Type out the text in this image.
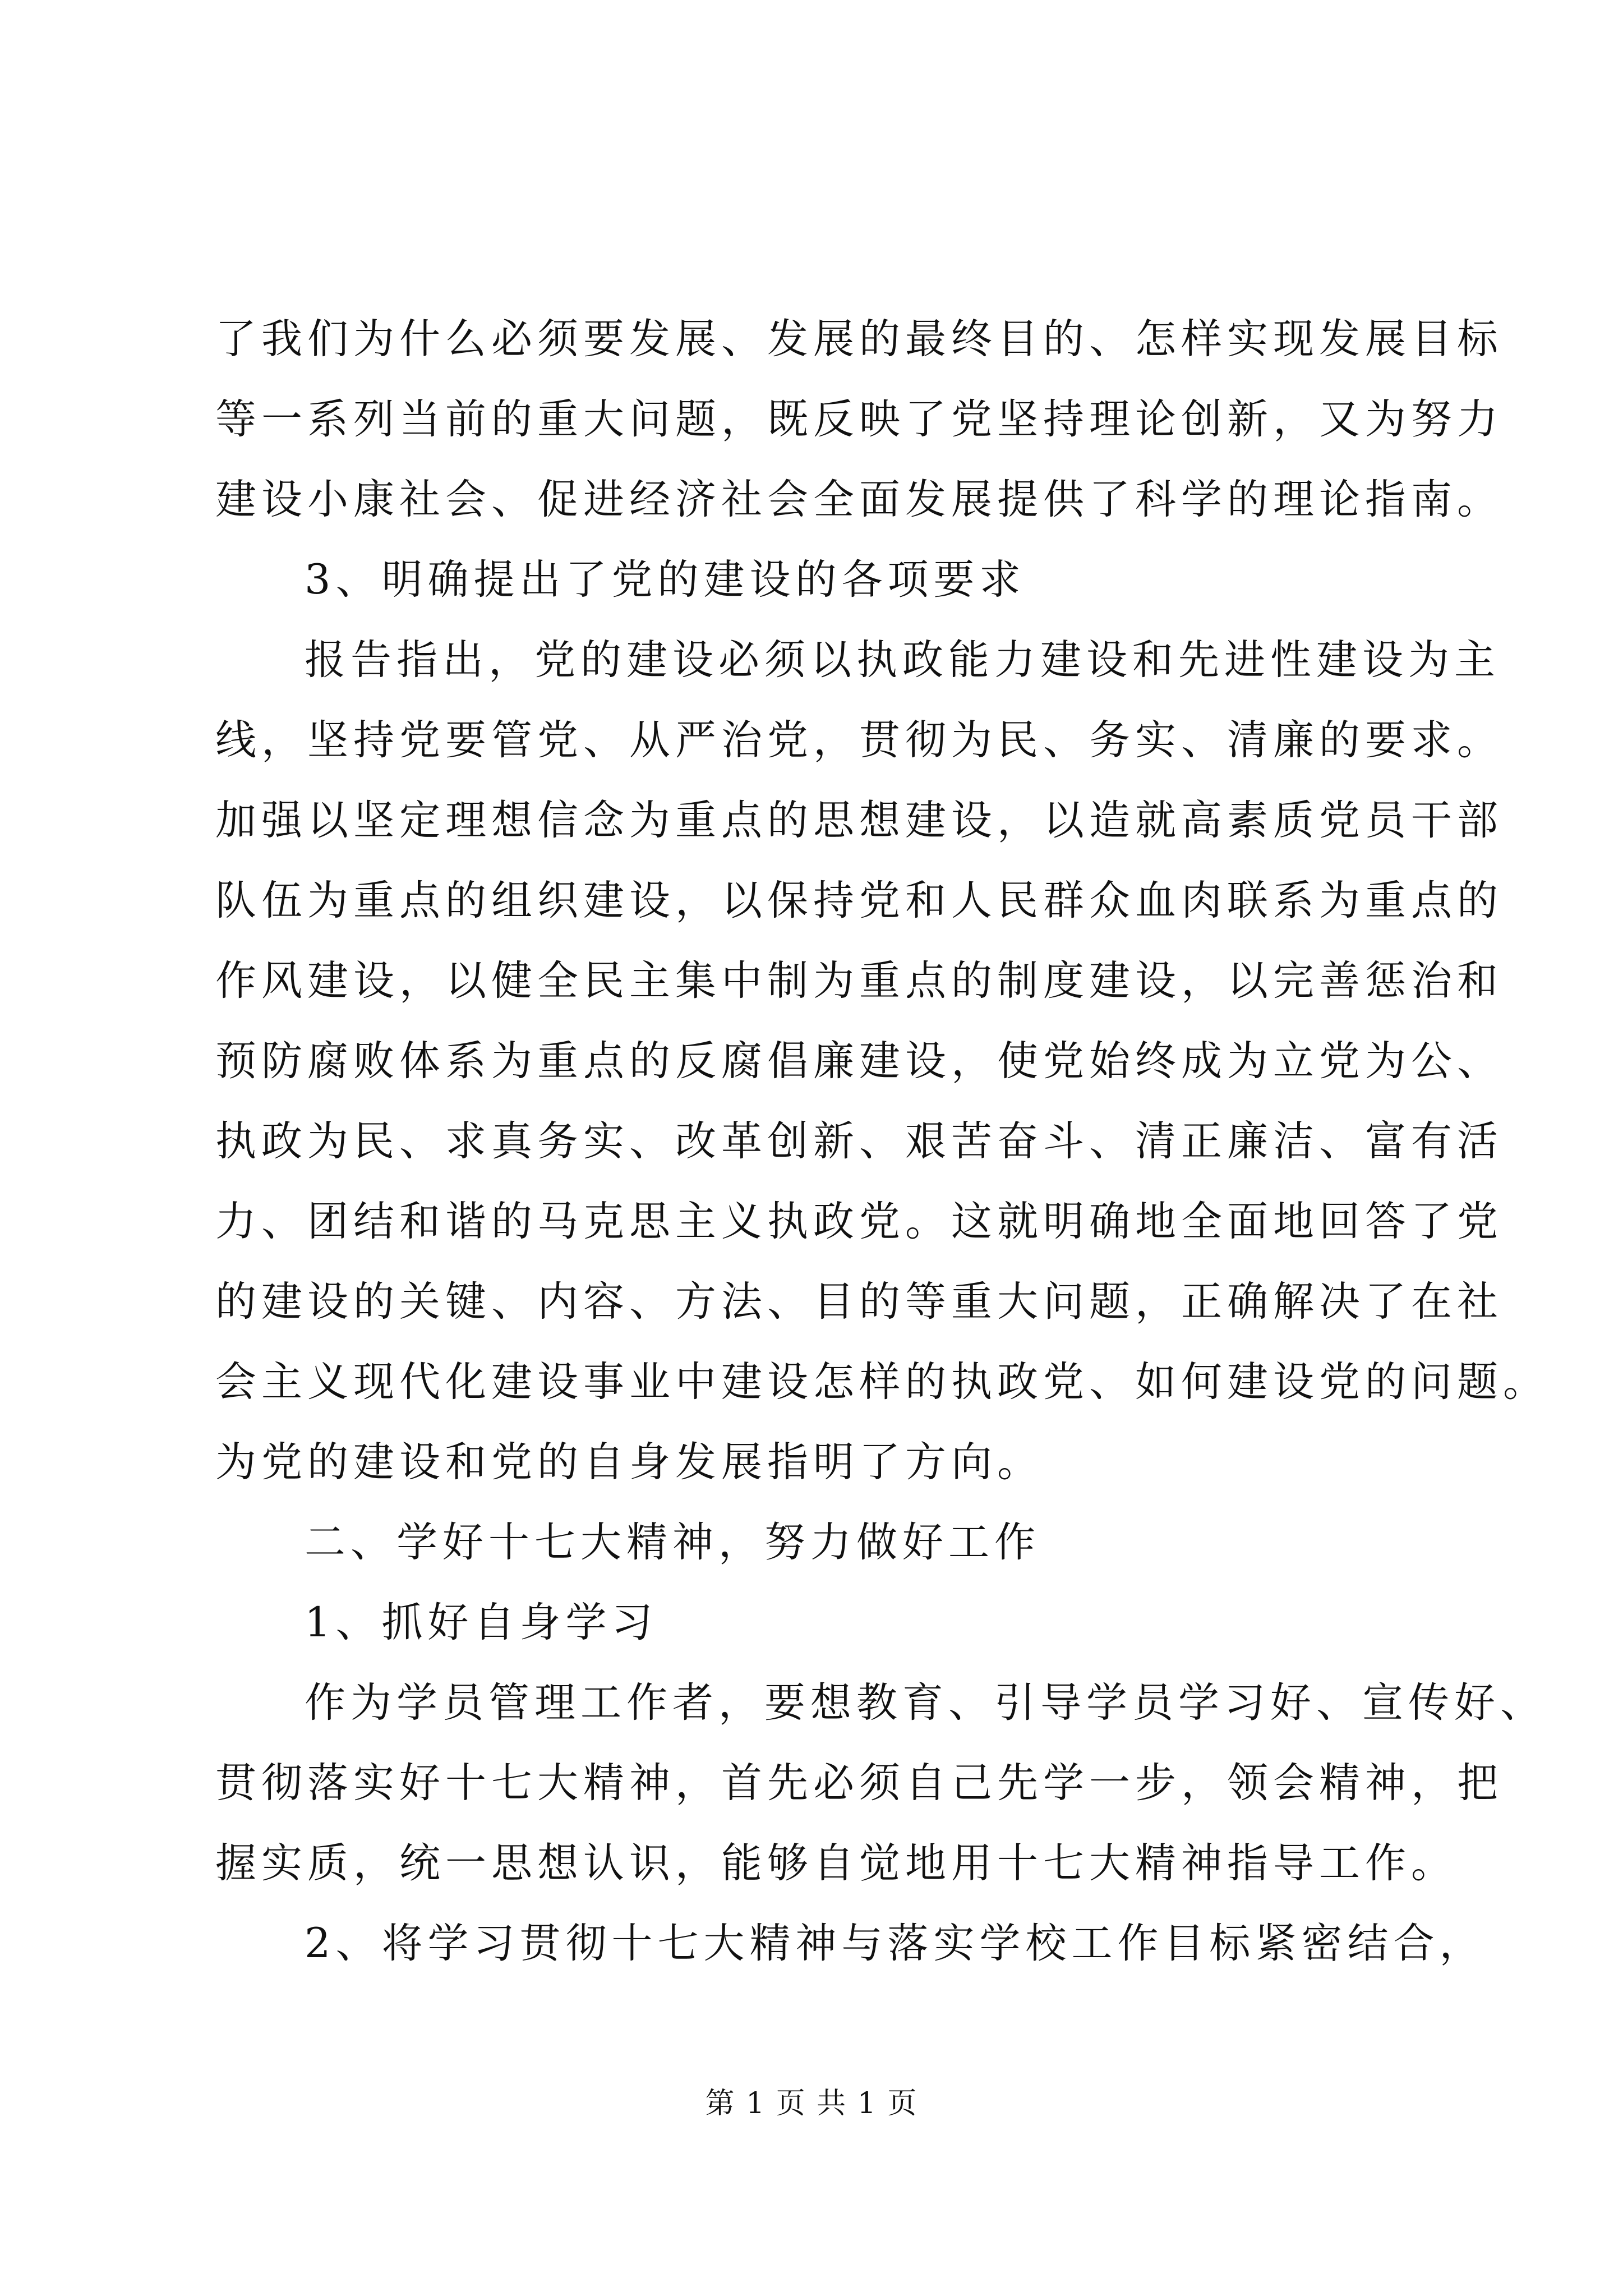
了我们为什么必须要发展、发展的最终目的、怎样实现发展目标
等一系列当前的重大问题，既反映了党坚持理论创新，又为努力
建设小康社会、促进经济社会全面发展提供了科学的理论指南。
3、明确提出了党的建设的各项要求
报告指出，党的建设必须以执政能力建设和先进性建设为主
线，坚持党要管党、从严治党，贯彻为民、务实、清廉的要求。
加强以坚定理想信念为重点的思想建设，以造就高素质党员干部
队伍为重点的组织建设，以保持党和人民群众血肉联系为重点的
作风建设，以健全民主集中制为重点的制度建设，以完善惩治和
预防腐败体系为重点的反腐倡廉建设，使党始终成为立党为公、
执政为民、求真务实、改革创新、艰苦奋斗、清正廉洁、富有活
力、团结和谐的马克思主义执政党。这就明确地全面地回答了党
的建设的关键、内容、方法、目的等重大问题，正确解决了在社
会主义现代化建设事业中建设怎样的执政党、如何建设党的问题。
为党的建设和党的自身发展指明了方向。
二、学好十七大精神，努力做好工作
1、抓好自身学习
作为学员管理工作者，要想教育、引导学员学习好、宣传好、
贯彻落实好十七大精神，首先必须自己先学一步，领会精神，把
握实质，统一思想认识，能够自觉地用十七大精神指导工作。
2、将学习贯彻十七大精神与落实学校工作目标紧密结合，
第 1 页 共 1 页
